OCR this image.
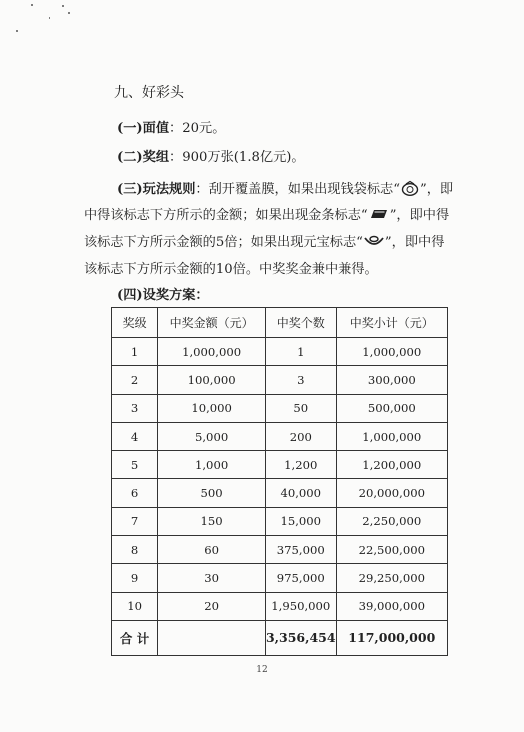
九、好彩头
(一)面值：20元。
(二)奖组：900万张(1.8亿元)。
(三)玩法规则：刮开覆盖膜，如果出现钱袋标志“ ”，即
中得该标志下方所示的金额；如果出现金条标志“ ”，即中得
该标志下方所示金额的5倍；如果出现元宝标志“ ”，即中得
该标志下方所示金额的10倍。中奖奖金兼中兼得。
(四)设奖方案：
奖级	中奖金额（元）	中奖个数	中奖小计（元）
1	1,000,000	1	1,000,000
2	100,000	3	300,000
3	10,000	50	500,000
4	5,000	200	1,000,000
5	1,000	1,200	1,200,000
6	500	40,000	20,000,000
7	150	15,000	2,250,000
8	60	375,000	22,500,000
9	30	975,000	29,250,000
10	20	1,950,000	39,000,000
合 计		3,356,454	117,000,000
12
